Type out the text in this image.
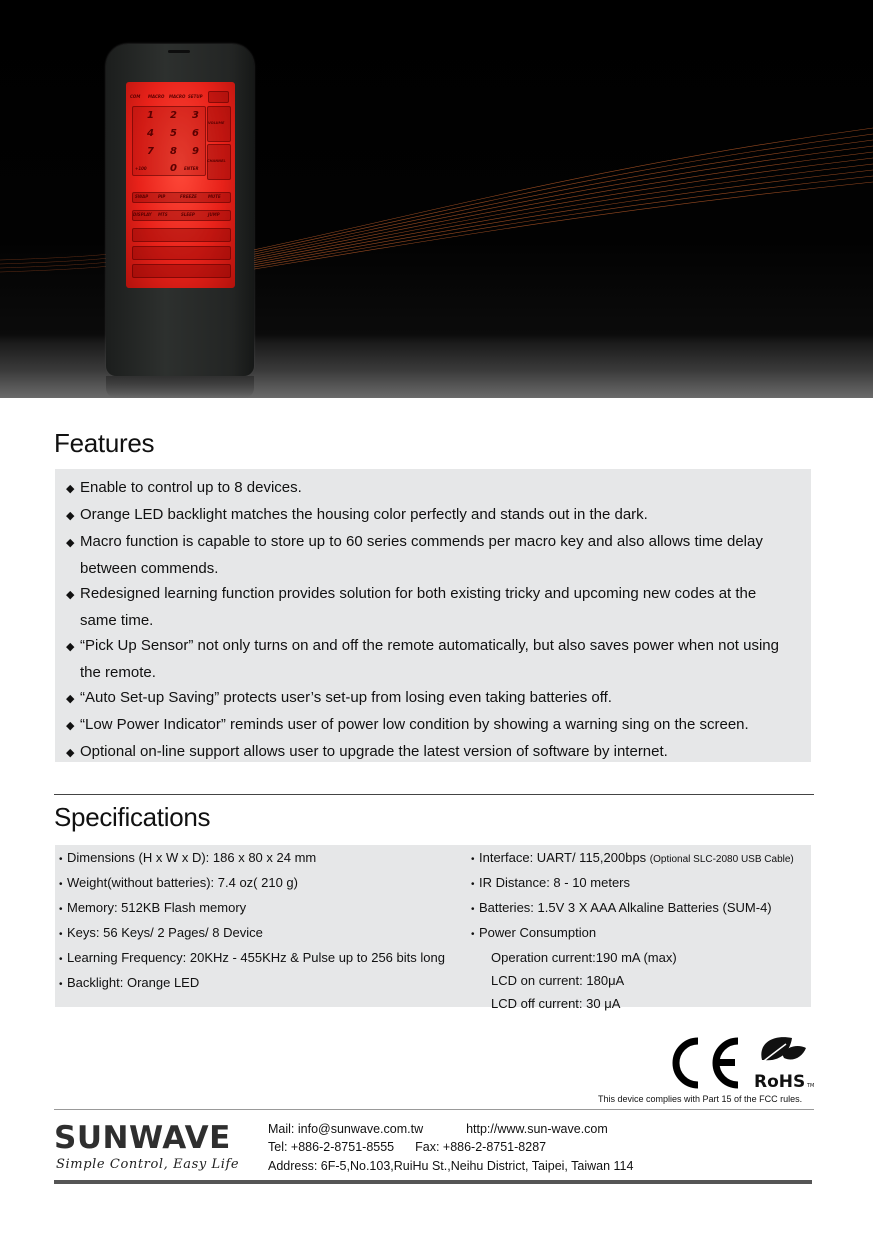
COM MACRO MACRO SETUP
1 2 3
4 5 6
7 8 9
+100 0 ENTER
VOLUME
CHANNEL
SWAP PIP	FREEZE	MUTE
DISPLAY MTS	SLEEP	JUMP
Features
◆ Enable to control up to 8 devices.
◆ Orange LED backlight matches the housing color perfectly and stands out in the dark.
◆ Macro function is capable to store up to 60 series commends per macro key and also allows time delay between commends.
◆ Redesigned learning function provides solution for both existing tricky and upcoming new codes at the same time.
◆ “Pick Up Sensor” not only turns on and off the remote automatically, but also saves power when not using the remote.
◆ “Auto Set-up Saving” protects user’s set-up from losing even taking batteries off.
◆ “Low Power Indicator” reminds user of power low condition by showing a warning sing on the screen.
◆ Optional on-line support allows user to upgrade the latest version of software by internet.
Specifications
• Dimensions (H x W x D): 186 x 80 x 24 mm
• Weight(without batteries): 7.4 oz( 210 g)
• Memory: 512KB Flash memory
• Keys: 56 Keys/ 2 Pages/ 8 Device
• Learning Frequency: 20KHz - 455KHz & Pulse up to 256 bits long
• Backlight: Orange LED
• Interface: UART/ 115,200bps (Optional SLC-2080 USB Cable)
• IR Distance: 8 - 10 meters
• Batteries: 1.5V 3 X AAA Alkaline Batteries (SUM-4)
• Power Consumption
Operation current:190 mA (max)
LCD on current: 180μA
LCD off current: 30 μA
RoHS TM
This device complies with Part 15 of the FCC rules.
SUNWAVE
Simple Control, Easy Life
Mail: info@sunwave.com.tw	http://www.sun-wave.com
Tel: +886-2-8751-8555 Fax: +886-2-8751-8287
Address: 6F-5,No.103,RuiHu St.,Neihu District, Taipei, Taiwan 114
